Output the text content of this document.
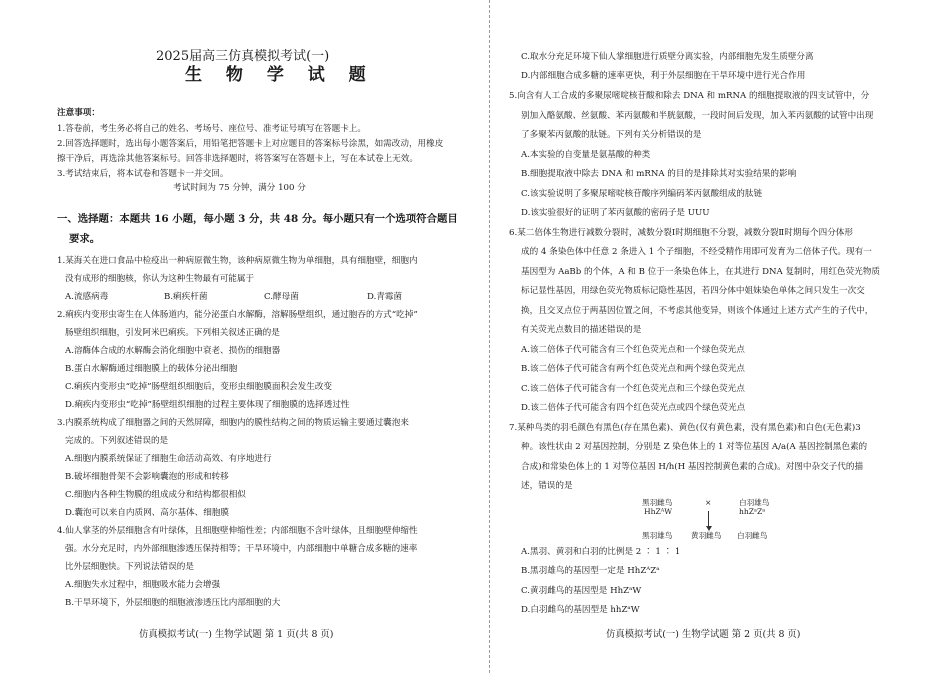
2025届高三仿真模拟考试(一)
生 物 学 试 题
注意事项：
1.答卷前，考生务必将自己的姓名、考场号、座位号、准考证号填写在答题卡上。
2.回答选择题时，选出每小题答案后，用铅笔把答题卡上对应题目的答案标号涂黑，如需改动，用橡皮
擦干净后，再选涂其他答案标号。回答非选择题时，将答案写在答题卡上，写在本试卷上无效。
3.考试结束后，将本试卷和答题卡一并交回。
考试时间为 75 分钟，满分 100 分
一、选择题：本题共 16 小题，每小题 3 分，共 48 分。每小题只有一个选项符合题目
要求。
1.某海关在进口食品中检疫出一种病原微生物，该种病原微生物为单细胞，具有细胞壁，细胞内
没有成形的细胞核，你认为这种生物最有可能属于
A.流感病毒	B.痢疾杆菌	C.酵母菌	D.青霉菌
2.痢疾内变形虫寄生在人体肠道内，能分泌蛋白水解酶，溶解肠壁组织，通过胞吞的方式“吃掉”
肠壁组织细胞，引发阿米巴痢疾。下列相关叙述正确的是
A.溶酶体合成的水解酶会消化细胞中衰老、损伤的细胞器
B.蛋白水解酶通过细胞膜上的载体分泌出细胞
C.痢疾内变形虫“吃掉”肠壁组织细胞后，变形虫细胞膜面积会发生改变
D.痢疾内变形虫“吃掉”肠壁组织细胞的过程主要体现了细胞膜的选择透过性
3.内膜系统构成了细胞器之间的天然屏障，细胞内的膜性结构之间的物质运输主要通过囊泡来
完成的。下列叙述错误的是
A.细胞内膜系统保证了细胞生命活动高效、有序地进行
B.破坏细胞骨架不会影响囊泡的形成和转移
C.细胞内各种生物膜的组成成分和结构都很相似
D.囊泡可以来自内质网、高尔基体、细胞膜
4.仙人掌茎的外层细胞含有叶绿体，且细胞壁伸缩性差；内部细胞不含叶绿体，且细胞壁伸缩性
强。水分充足时，内外部细胞渗透压保持相等；干旱环境中，内部细胞中单糖合成多糖的速率
比外层细胞快。下列说法错误的是
A.细胞失水过程中，细胞吸水能力会增强
B.干旱环境下，外层细胞的细胞液渗透压比内部细胞的大
仿真模拟考试(一) 生物学试题 第 1 页(共 8 页)
C.取水分充足环境下仙人掌细胞进行质壁分离实验，内部细胞先发生质壁分离
D.内部细胞合成多糖的速率更快，利于外层细胞在干旱环境中进行光合作用
5.向含有人工合成的多聚尿嘧啶核苷酸和除去 DNA 和 mRNA 的细胞提取液的四支试管中，分
别加入酪氨酸、丝氨酸、苯丙氨酸和半胱氨酸，一段时间后发现，加入苯丙氨酸的试管中出现
了多聚苯丙氨酸的肽链。下列有关分析错误的是
A.本实验的自变量是氨基酸的种类
B.细胞提取液中除去 DNA 和 mRNA 的目的是排除其对实验结果的影响
C.该实验说明了多聚尿嘧啶核苷酸序列编码苯丙氨酸组成的肽链
D.该实验很好的证明了苯丙氨酸的密码子是 UUU
6.某二倍体生物进行减数分裂时，减数分裂Ⅰ时期细胞不分裂，减数分裂Ⅱ时期每个四分体形
成的 4 条染色体中任意 2 条进入 1 个子细胞，不经受精作用即可发育为二倍体子代。现有一
基因型为 AaBb 的个体，A 和 B 位于一条染色体上，在其进行 DNA 复制时，用红色荧光物质
标记显性基因，用绿色荧光物质标记隐性基因，若四分体中姐妹染色单体之间只发生一次交
换，且交叉点位于两基因位置之间，不考虑其他变异，则该个体通过上述方式产生的子代中，
有关荧光点数目的描述错误的是
A.该二倍体子代可能含有三个红色荧光点和一个绿色荧光点
B.该二倍体子代可能含有两个红色荧光点和两个绿色荧光点
C.该二倍体子代可能含有一个红色荧光点和三个绿色荧光点
D.该二倍体子代可能含有四个红色荧光点或四个绿色荧光点
7.某种鸟类的羽毛颜色有黑色(存在黑色素)、黄色(仅有黄色素，没有黑色素)和白色(无色素)3
种。该性状由 2 对基因控制，分别是 Z 染色体上的 1 对等位基因 A/a(A 基因控制黑色素的
合成)和常染色体上的 1 对等位基因 H/h(H 基因控制黄色素的合成)。对图中杂交子代的描
述，错误的是
黑羽雌鸟
HhZᴬW
×	白羽雄鸟
hhZᵃZᵃ
黑羽雄鸟 黄羽雌鸟 白羽雌鸟
A.黑羽、黄羽和白羽的比例是 2 ∶ 1 ∶ 1
B.黑羽雄鸟的基因型一定是 HhZᴬZᵃ
C.黄羽雌鸟的基因型是 HhZᵃW
D.白羽雌鸟的基因型是 hhZᵃW
仿真模拟考试(一) 生物学试题 第 2 页(共 8 页)
